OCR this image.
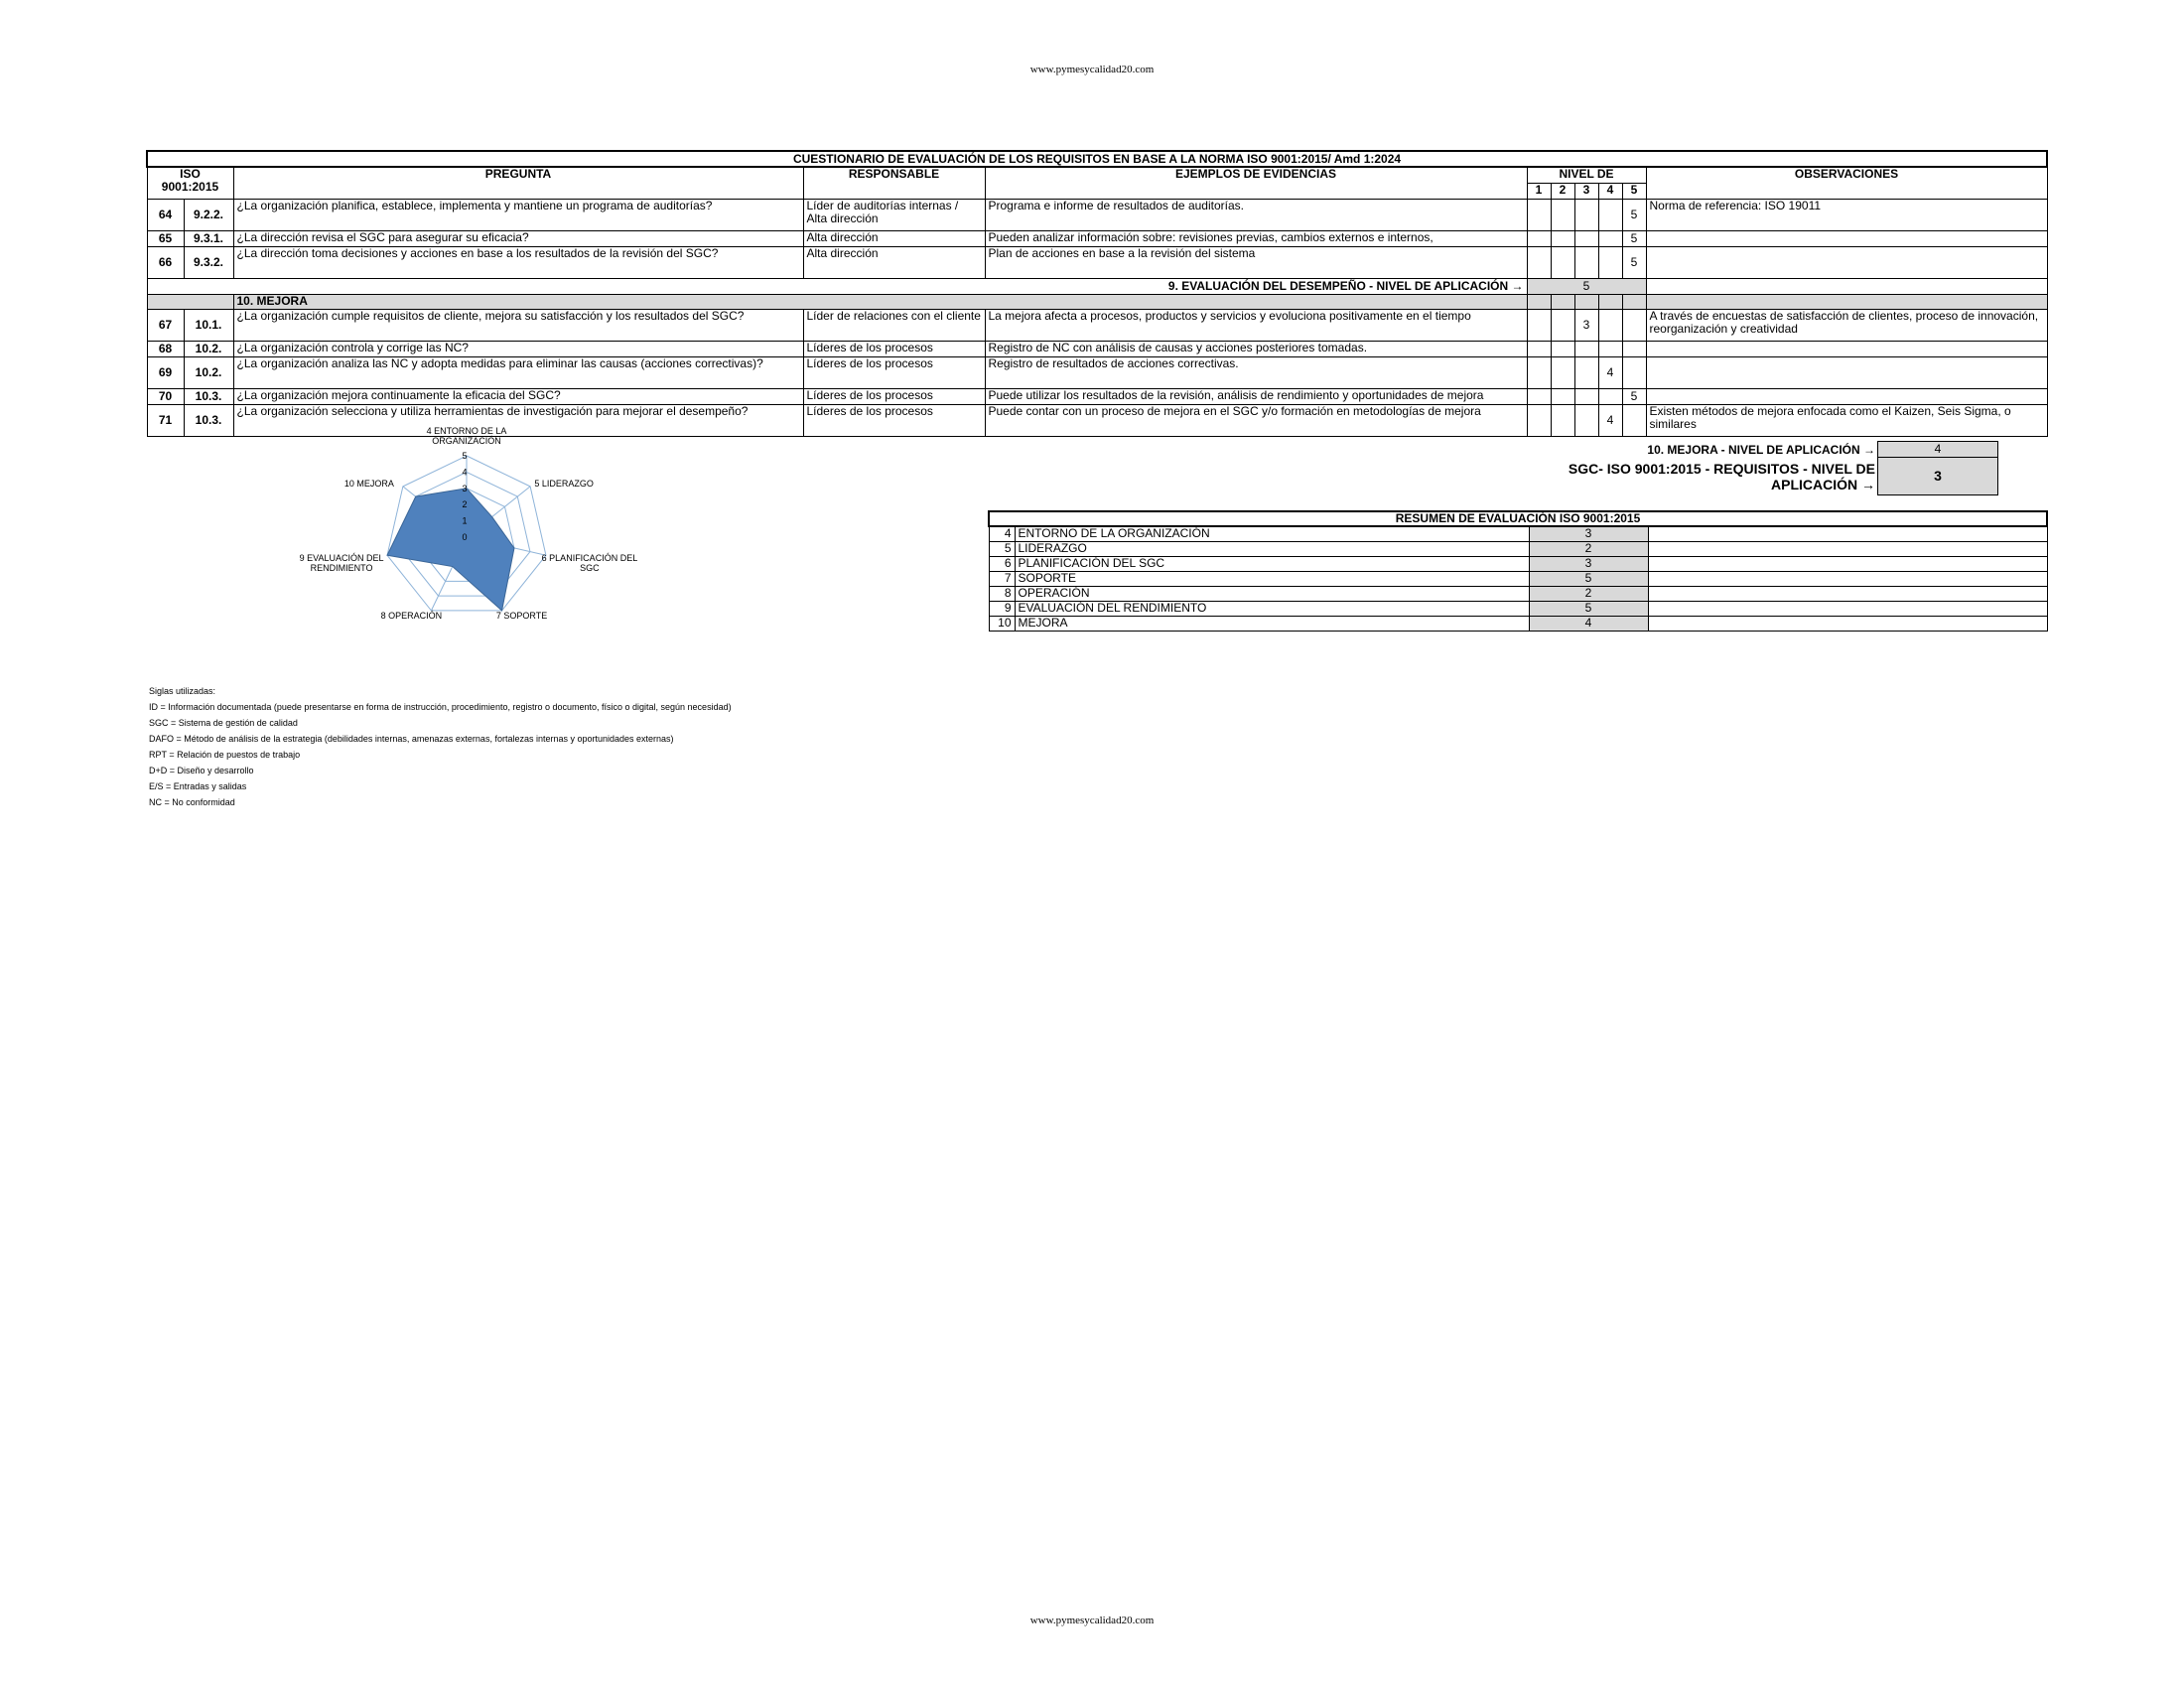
www.pymesycalidad20.com
CUESTIONARIO DE EVALUACIÓN DE LOS REQUISITOS EN BASE A LA NORMA ISO 9001:2015/ Amd 1:2024										
ISO 9001:2015		PREGUNTA	RESPONSABLE	EJEMPLOS DE EVIDENCIAS	NIVEL DE					OBSERVACIONES
					1	2	3	4	5	
64	9.2.2.	¿La organización planifica, establece, implementa y mantiene un programa de auditorías?	Líder de auditorías internas / Alta dirección	Programa e informe de resultados de auditorías.					5	Norma de referencia: ISO 19011
65	9.3.1.	¿La dirección revisa el SGC para asegurar su eficacia?	Alta dirección	Pueden analizar información sobre: revisiones previas, cambios externos e internos,					5	
66	9.3.2.	¿La dirección toma decisiones y acciones en base a los resultados de la revisión del SGC?	Alta dirección	Plan de acciones en base a la revisión del sistema					5	
9. EVALUACIÓN DEL DESEMPEÑO - NIVEL DE APLICACIÓN →					5					
		10. MEJORA								
67	10.1.	¿La organización cumple requisitos de cliente, mejora su satisfacción y los resultados del SGC?	Líder de relaciones con el cliente	La mejora afecta a procesos, productos y servicios y evoluciona positivamente en el tiempo			3			A través de encuestas de satisfacción de clientes, proceso de innovación, reorganización y creatividad
68	10.2.	¿La organización controla y corrige las NC?	Líderes de los procesos	Registro de NC con análisis de causas y acciones posteriores tomadas.						
69	10.2.	¿La organización analiza las NC y adopta medidas para eliminar las causas (acciones correctivas)?	Líderes de los procesos	Registro de resultados de acciones correctivas.				4		
70	10.3.	¿La organización mejora continuamente la eficacia del SGC?	Líderes de los procesos	Puede utilizar los resultados de la revisión, análisis de rendimiento y oportunidades de mejora					5	
71	10.3.	¿La organización selecciona y utiliza herramientas de investigación para mejorar el desempeño?	Líderes de los procesos	Puede contar con un proceso de mejora en el SGC y/o formación en metodologías de mejora				4		Existen métodos de mejora enfocada como el Kaizen, Seis Sigma, o similares
10. MEJORA - NIVEL DE APLICACIÓN →	4
SGC- ISO 9001:2015 - REQUISITOS - NIVEL DE APLICACIÓN →
3
0
1
2
3
4
5
4 ENTORNO DE LA ORGANIZACIÓN
5 LIDERAZGO
6 PLANIFICACIÓN DEL SGC
7 SOPORTE
8 OPERACIÓN
9 EVALUACIÓN DEL RENDIMIENTO
10 MEJORA
RESUMEN DE EVALUACIÓN ISO 9001:2015			
4	ENTORNO DE LA ORGANIZACIÓN	3	
5	LIDERAZGO	2	
6	PLANIFICACIÓN DEL SGC	3	
7	SOPORTE	5	
8	OPERACIÓN	2	
9	EVALUACIÓN DEL RENDIMIENTO	5	
10	MEJORA	4	
Siglas utilizadas:
ID = Información documentada (puede presentarse en forma de instrucción, procedimiento, registro o documento, físico o digital, según necesidad)
SGC = Sistema de gestión de calidad
DAFO = Método de análisis de la estrategia (debilidades internas, amenazas externas, fortalezas internas y oportunidades externas)
RPT = Relación de puestos de trabajo
D+D = Diseño y desarrollo
E/S = Entradas y salidas
NC = No conformidad
www.pymesycalidad20.com
